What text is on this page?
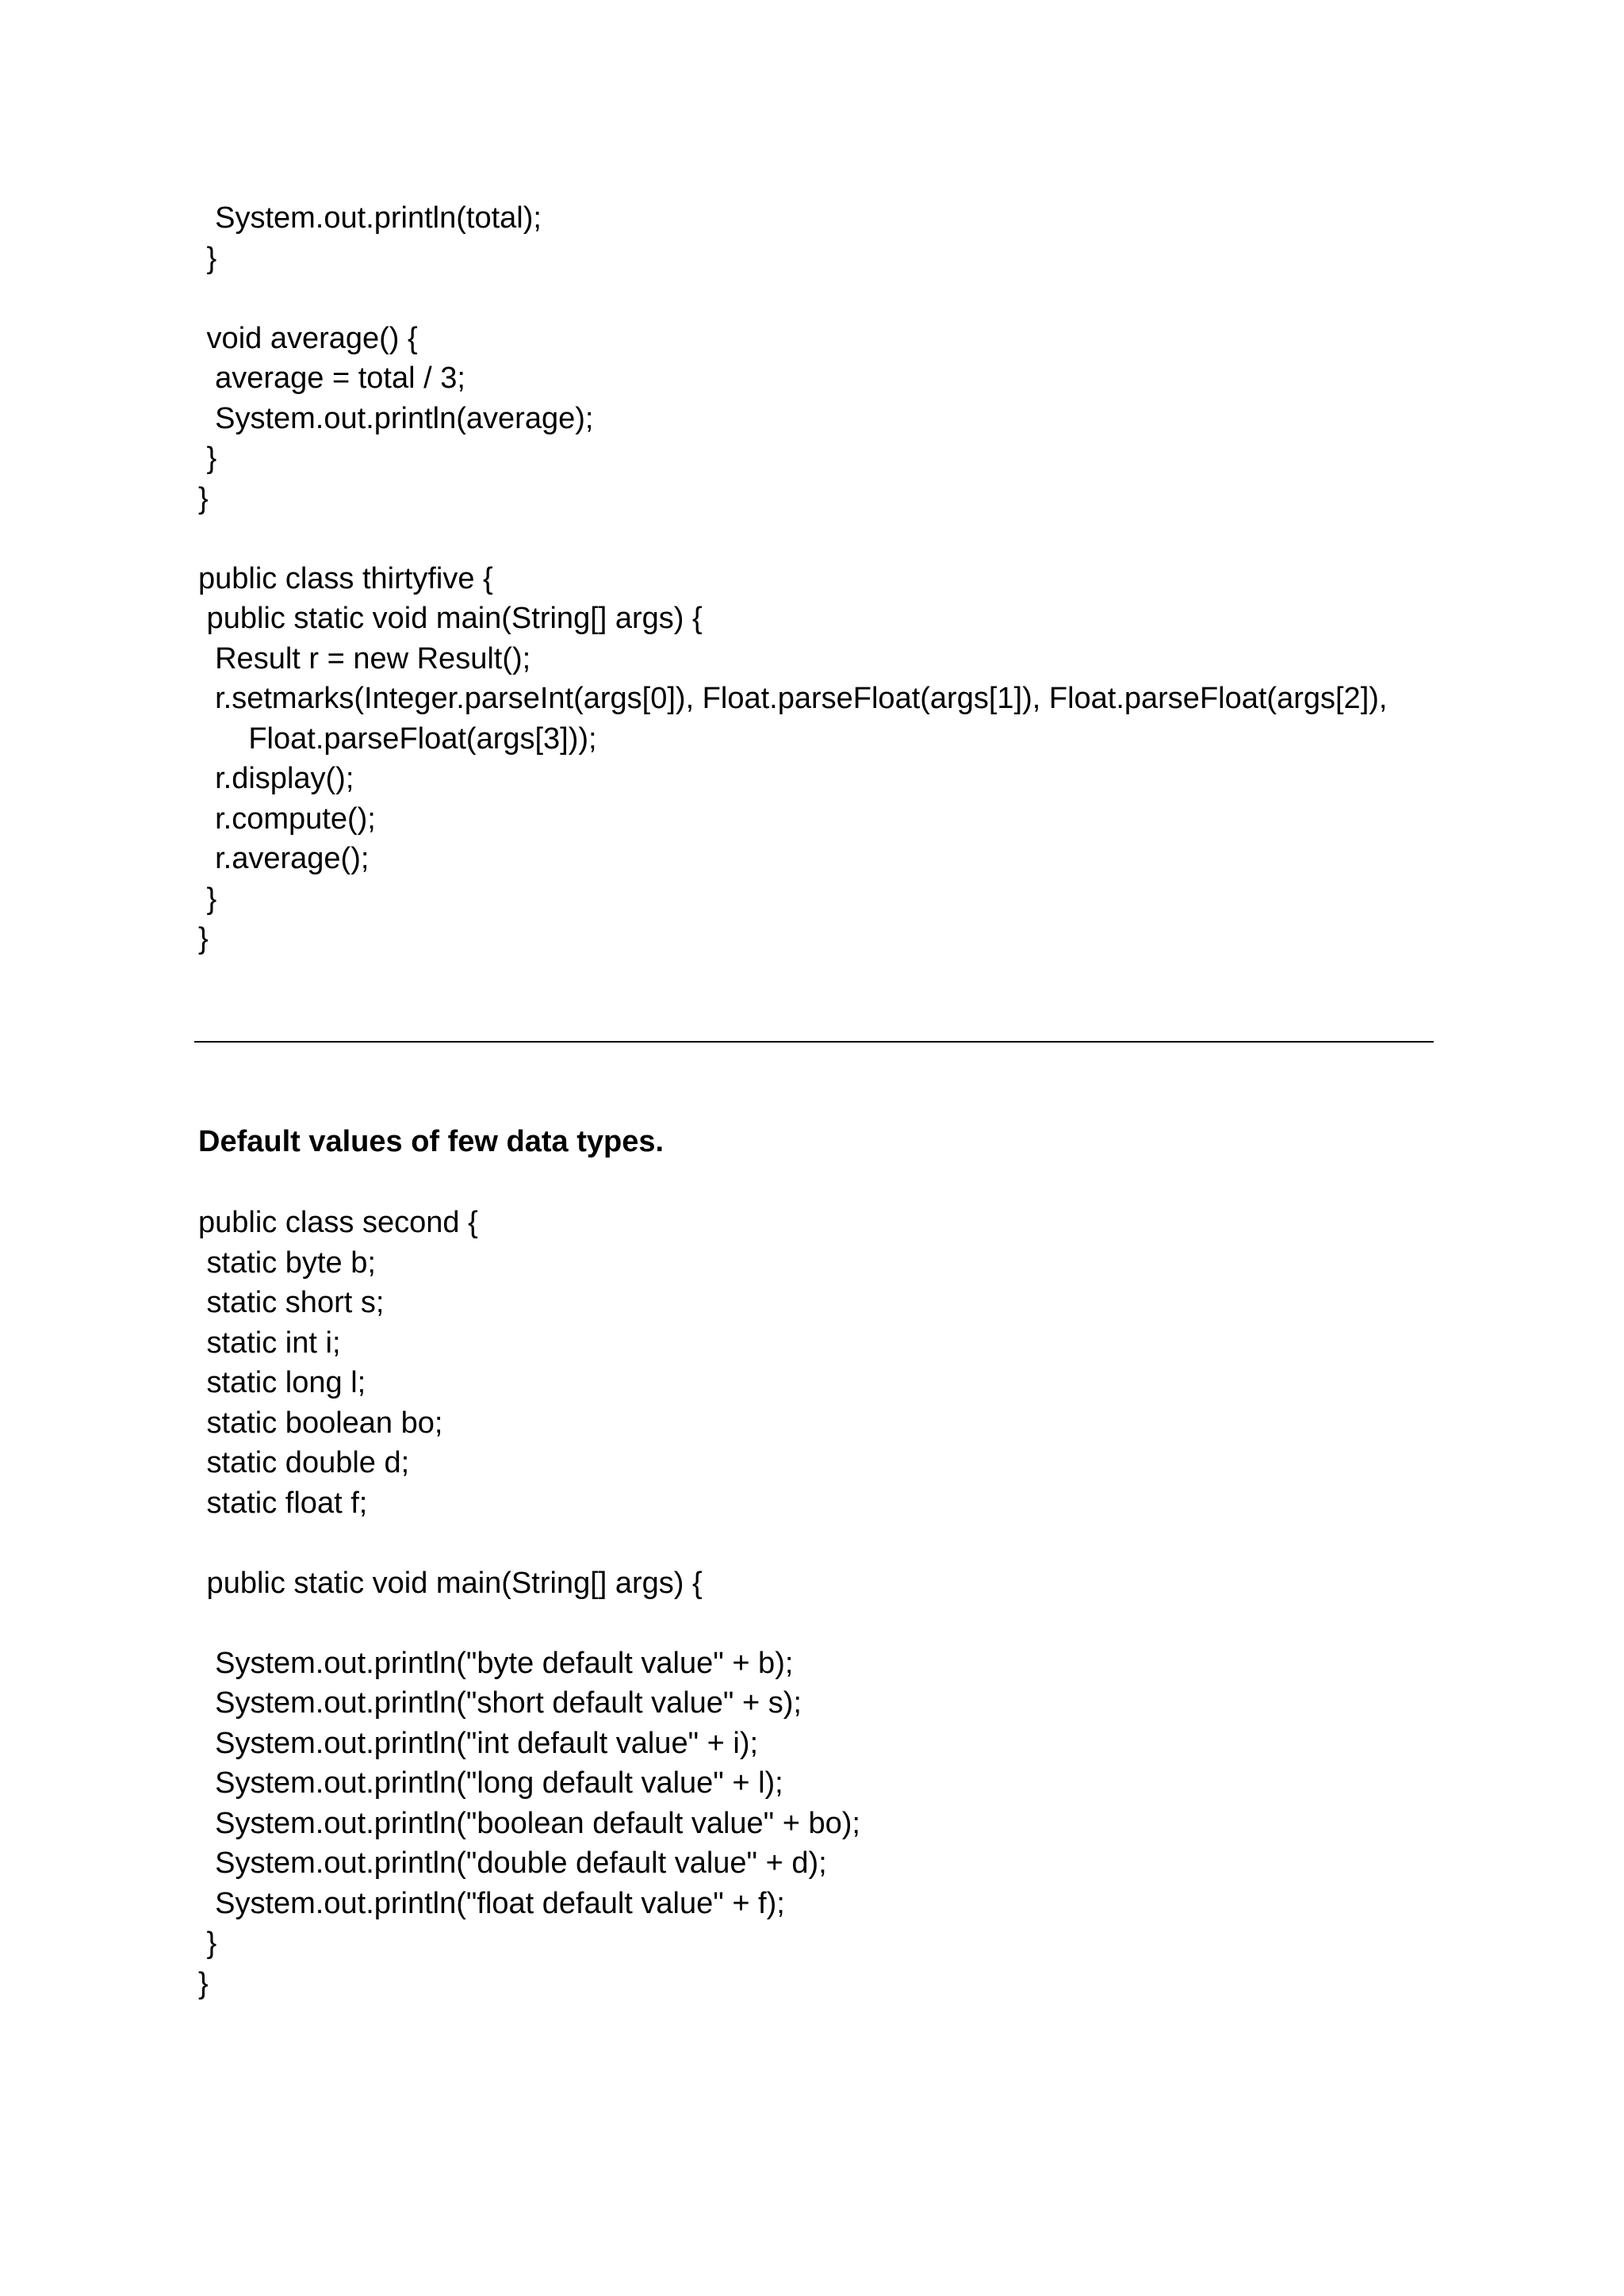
System.out.println(total);
}
void average() {
average = total / 3;
System.out.println(average);
}
}
public class thirtyfive {
public static void main(String[] args) {
Result r = new Result();
r.setmarks(Integer.parseInt(args[0]), Float.parseFloat(args[1]), Float.parseFloat(args[2]),
Float.parseFloat(args[3]));
r.display();
r.compute();
r.average();
}
}
Default values of few data types.
public class second {
static byte b;
static short s;
static int i;
static long l;
static boolean bo;
static double d;
static float f;
public static void main(String[] args) {
System.out.println("byte default value" + b);
System.out.println("short default value" + s);
System.out.println("int default value" + i);
System.out.println("long default value" + l);
System.out.println("boolean default value" + bo);
System.out.println("double default value" + d);
System.out.println("float default value" + f);
}
}
